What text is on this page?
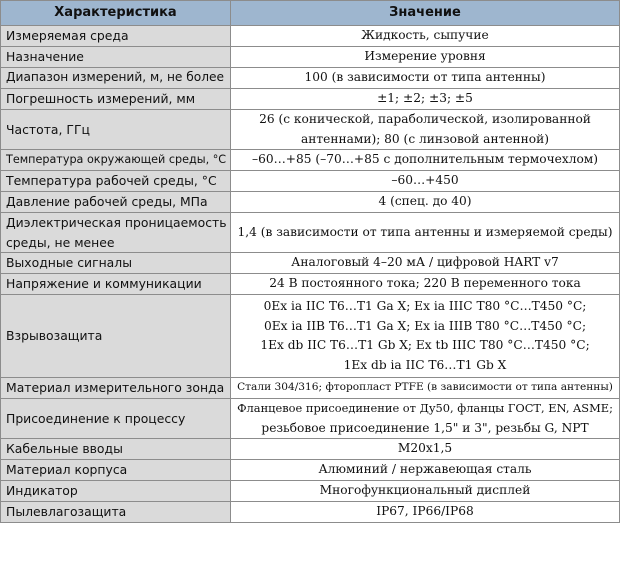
Характеристика	Значение

Измеряемая среда	Жидкость, сыпучие

Назначение	Измерение уровня

Диапазон измерений, м, не более	100 (в зависимости от типа антенны)

Погрешность измерений, мм	±1; ±2; ±3; ±5

Частота, ГГц	26 (с конической, параболической, изолированной
антеннами); 80 (с линзовой антенной)

Температура окружающей среды, °С	–60…+85 (–70…+85 с дополнительным термочехлом)

Температура рабочей среды, °С	–60…+450

Давление рабочей среды, МПа	4 (спец. до 40)

Диэлектрическая проницаемость
среды, не менее	1,4 (в зависимости от типа антенны и измеряемой среды)

Выходные сигналы	Аналоговый 4–20 мА / цифровой HART v7

Напряжение и коммуникации	24 В постоянного тока; 220 В переменного тока

Взрывозащита	0Ex ia IIC T6…T1 Ga X; Ex ia IIIC T80 °C…T450 °C;
0Ex ia IIB T6…T1 Ga X; Ex ia IIIB T80 °C…T450 °C;
1Ex db IIC T6…T1 Gb X; Ex tb IIIC T80 °C…T450 °C;
1Ex db ia IIC T6…T1 Gb X

Материал измерительного зонда	Стали 304/316; фторопласт PTFE (в зависимости от типа антенны)

Присоединение к процессу	Фланцевое присоединение от Ду50, фланцы ГОСТ, EN, ASME;
резьбовое присоединение 1,5" и 3", резьбы G, NPT

Кабельные вводы	М20х1,5

Материал корпуса	Алюминий / нержавеющая сталь

Индикатор	Многофункциональный дисплей

Пылевлагозащита	IP67, IP66/IP68
